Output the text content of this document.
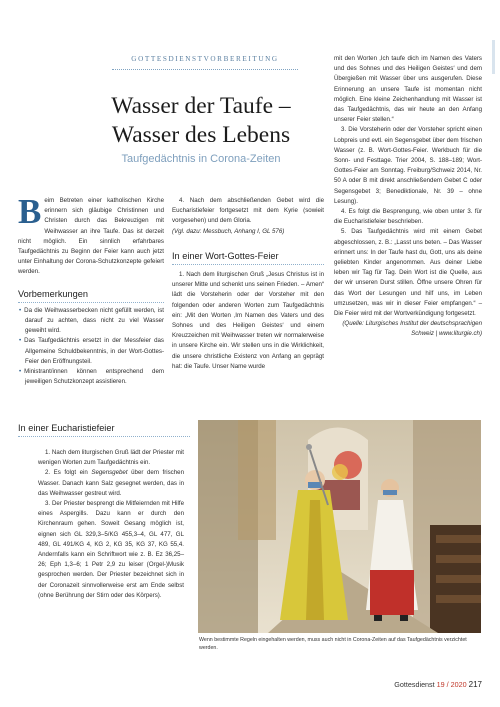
GOTTESDIENSTVORBEREITUNG
Wasser der Taufe –
Wasser des Lebens
Taufgedächtnis in Corona-Zeiten

Beim Betreten einer katholischen Kirche erinnern sich gläubige Christinnen und Christen durch das Bekreuzigen mit Weihwasser an ihre Taufe. Das ist derzeit nicht möglich. Ein sinnlich erfahrbares Taufgedächtnis zu Beginn der Feier kann auch jetzt unter Einhaltung der Corona-Schutzkonzepte gefeiert werden.

Vorbemerkungen

• Da die Weihwasserbecken nicht gefüllt werden, ist darauf zu achten, dass nicht zu viel Wasser geweiht wird.

• Das Taufgedächtnis ersetzt in der Messfeier das Allgemeine Schuldbekenntnis, in der Wort-Gottes-Feier den Eröffnungsteil.

• Ministrant/innen können entsprechend dem jeweiligen Schutzkonzept assistieren.

4. Nach dem abschließenden Gebet wird die Eucharistiefeier fortgesetzt mit dem Kyrie (sowieit vorgesehen) und dem Gloria.

(Vgl. dazu: Messbuch, Anhang I, GL 576)

In einer Wort-Gottes-Feier

1. Nach dem liturgischen Gruß „Jesus Christus ist in unserer Mitte und schenkt uns seinen Frieden. – Amen“ lädt die Vorsteherin oder der Vorsteher mit den folgenden oder anderen Worten zum Taufgedächtnis ein: „Mit den Worten ‚Im Namen des Vaters und des Sohnes und des Heiligen Geistes‘ und einem Kreuzzeichen mit Weihwasser treten wir normalerweise in unsere Kirche ein. Wir stellen uns in die Wirklichkeit, die unsere christliche Existenz von Anfang an geprägt hat: die Taufe. Unser Name wurde

mit den Worten ‚Ich taufe dich im Namen des Vaters und des Sohnes und des Heiligen Geistes‘ und dem Übergießen mit Wasser über uns ausgerufen. Diese Erinnerung an unsere Taufe ist momentan nicht möglich. Eine kleine Zeichenhandlung mit Wasser ist das Taufgedächtnis, das wir heute an den Anfang unserer Feier stellen.“

3. Die Vorsteherin oder der Vorsteher spricht einen Lobpreis und evtl. ein Segensgebet über dem frischen Wasser (z. B. Wort-Gottes-Feier. Werkbuch für die Sonn- und Festtage. Trier 2004, S. 188–189; Wort-Gottes-Feier am Sonntag. Freiburg/Schweiz 2014, Nr. 50 A oder B mit direkt anschließendem Gebet C oder Segensgebet 3; Benediktionale, Nr. 39 – ohne Lesung).

4. Es folgt die Besprengung, wie oben unter 3. für die Eucharistiefeier beschrieben.

5. Das Taufgedächtnis wird mit einem Gebet abgeschlossen, z. B.: „Lasst uns beten. – Das Wasser erinnert uns: In der Taufe hast du, Gott, uns als deine geliebten Kinder angenommen. Aus deiner Liebe leben wir Tag für Tag. Dein Wort ist die Quelle, aus der wir unseren Durst stillen. Öffne unsere Ohren für das Wort der Lesungen und hilf uns, im Leben umzusetzen, was wir in dieser Feier empfangen.“ – Die Feier wird mit der Wortverkündigung fortgesetzt.

(Quelle: Liturgisches Institut der deutschsprachigen Schweiz | www.liturgie.ch)

In einer Eucharistiefeier

1. Nach dem liturgischen Gruß lädt der Priester mit wenigen Worten zum Taufgedächtnis ein.

2. Es folgt ein Segensgebet über dem frischen Wasser. Danach kann Salz gesegnet werden, das in das Weihwasser gestreut wird.

3. Der Priester besprengt die Mitfeiernden mit Hilfe eines Aspergills. Dazu kann er durch den Kirchenraum gehen. Soweit Gesang möglich ist, eignen sich GL 329,3–5/KG 455,3–4, GL 477, GL 489, GL 491/KG 4, KG 2, KG 35, KG 37, KG 55,4. Andernfalls kann ein Schriftwort wie z. B. Ez 36,25–26; Eph 1,3–6; 1 Petr 2,9 zu leiser (Orgel-)Musik gesprochen werden. Der Priester bezeichnet sich in der Coronazeit sinnvollerweise erst am Ende selbst (ohne Berührung der Stirn oder des Körpers).

Wenn bestimmte Regeln eingehalten werden, muss auch nicht in Corona-Zeiten auf das Taufgedächtnis verzichtet werden.
Gottesdienst 19 / 2020 217
